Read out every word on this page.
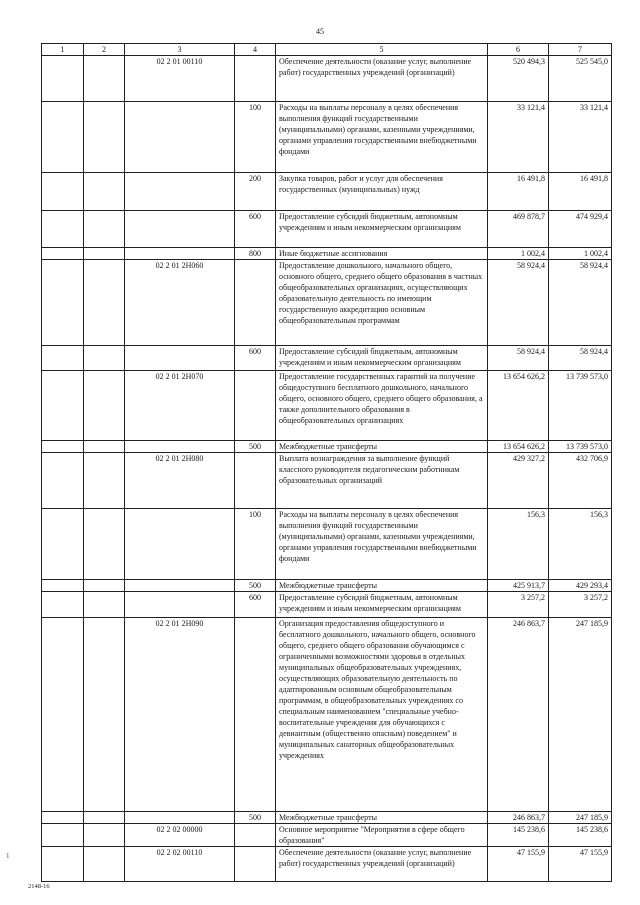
45
1	2	3	4	5	6	7
		02 2 01 00110		Обеспечение деятельности (оказание услуг, выполнение работ) государственных учреждений (организаций)	520 494,3	525 545,0
			100	Расходы на выплаты персоналу в целях обеспечения выполнения функций государственными (муниципальными) органами, казенными учреждениями, органами управления государственными внебюджетными фондами	33 121,4	33 121,4
			200	Закупка товаров, работ и услуг для обеспечения государственных (муниципальных) нужд	16 491,8	16 491,8
			600	Предоставление субсидий бюджетным, автономным учреждениям и иным некоммерческим организациям	469 878,7	474 929,4
			800	Иные бюджетные ассигнования	1 002,4	1 002,4
		02 2 01 2Н060		Предоставление дошкольного, начального общего, основного общего, среднего общего образования в частных общеобразовательных организациях, осуществляющих образовательную деятельность по имеющим государственную аккредитацию основным общеобразовательным программам	58 924,4	58 924,4
			600	Предоставление субсидий бюджетным, автономным учреждениям и иным некоммерческим организациям	58 924,4	58 924,4
		02 2 01 2Н070		Предоставление государственных гарантий на получение общедоступного бесплатного дошкольного, начального общего, основного общего, среднего общего образования, а также дополнительного образования в общеобразовательных организациях	13 654 626,2	13 739 573,0
			500	Межбюджетные трансферты	13 654 626,2	13 739 573,0
		02 2 01 2Н080		Выплата вознаграждения за выполнение функций классного руководителя педагогическим работникам образовательных организаций	429 327,2	432 706,9
			100	Расходы на выплаты персоналу в целях обеспечения выполнения функций государственными (муниципальными) органами, казенными учреждениями, органами управления государственными внебюджетными фондами	156,3	156,3
			500	Межбюджетные трансферты	425 913,7	429 293,4
			600	Предоставление субсидий бюджетным, автономным учреждениям и иным некоммерческим организациям	3 257,2	3 257,2
		02 2 01 2Н090		Организация предоставления общедоступного и бесплатного дошкольного, начального общего, основного общего, среднего общего образования обучающимся с ограниченными возможностями здоровья в отдельных муниципальных общеобразовательных учреждениях, осуществляющих образовательную деятельность по адаптированным основным общеобразовательным программам, в общеобразовательных учреждениях со специальным наименованием "специальные учебно-воспитательные учреждения для обучающихся с девиантным (общественно опасным) поведением" и муниципальных санаторных общеобразовательных учреждениях	246 863,7	247 185,9
			500	Межбюджетные трансферты	246 863,7	247 185,9
		02 2 02 00000		Основное мероприятие "Мероприятия в сфере общего образования"	145 238,6	145 238,6
		02 2 02 00110		Обеспечение деятельности (оказание услуг, выполнение работ) государственных учреждений (организаций)	47 155,9	47 155,9
1
2148-16
